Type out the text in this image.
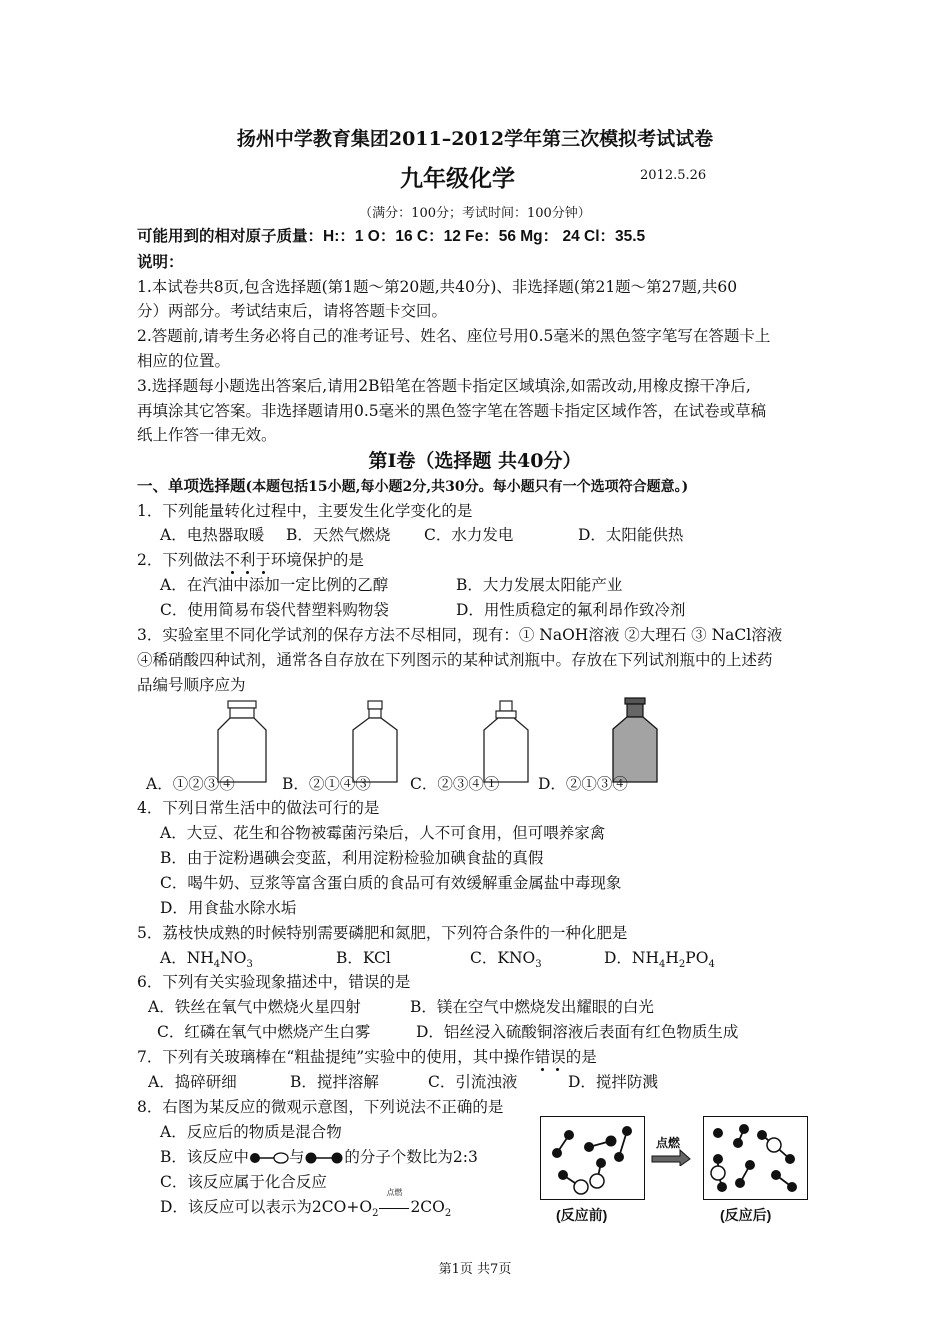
扬州中学教育集团2011–2012学年第三次模拟考试试卷
九年级化学	2012.5.26
（满分：100分；考试时间：100分钟）
可能用到的相对原子质量：H:：1 O：16 C：12 Fe：56 Mg： 24 Cl：35.5
说明：
1.本试卷共8页,包含选择题(第1题～第20题,共40分)、非选择题(第21题～第27题,共60
分）两部分。考试结束后，请将答题卡交回。
2.答题前,请考生务必将自己的准考证号、姓名、座位号用0.5毫米的黑色签字笔写在答题卡上
相应的位置。
3.选择题每小题选出答案后,请用2B铅笔在答题卡指定区域填涂,如需改动,用橡皮擦干净后,
再填涂其它答案。非选择题请用0.5毫米的黑色签字笔在答题卡指定区域作答，在试卷或草稿
纸上作答一律无效。
第I卷（选择题 共40分）
一、单项选择题(本题包括15小题,每小题2分,共30分。每小题只有一个选项符合题意。)
1．下列能量转化过程中，主要发生化学变化的是
A．电热器取暖 B．天然气燃烧 C．水力发电	D．太阳能供热
2．下列做法不利于环境保护的是
A．在汽油中添加一定比例的乙醇	B．大力发展太阳能产业
C．使用简易布袋代替塑料购物袋	D．用性质稳定的氟利昂作致冷剂
3．实验室里不同化学试剂的保存方法不尽相同，现有：① NaOH溶液 ②大理石 ③ NaCl溶液
④稀硝酸四种试剂，通常各自存放在下列图示的某种试剂瓶中。存放在下列试剂瓶中的上述药
品编号顺序应为
A．①②③④	B．②①④③	C．②③④① D．②①③④
4．下列日常生活中的做法可行的是
A．大豆、花生和谷物被霉菌污染后，人不可食用，但可喂养家禽
B．由于淀粉遇碘会变蓝，利用淀粉检验加碘食盐的真假
C．喝牛奶、豆浆等富含蛋白质的食品可有效缓解重金属盐中毒现象
D．用食盐水除水垢
5．荔枝快成熟的时候特别需要磷肥和氮肥，下列符合条件的一种化肥是
A．$NH_4NO_3$	B．KCl	C．$KNO_3$	D．$NH_4H_2PO_4$
6．下列有关实验现象描述中，错误的是
A．铁丝在氧气中燃烧火星四射	B．镁在空气中燃烧发出耀眼的白光
C．红磷在氧气中燃烧产生白雾	D．铝丝浸入硫酸铜溶液后表面有红色物质生成
7．下列有关玻璃棒在“粗盐提纯”实验中的使用，其中操作错误的是
A．捣碎研细	B．搅拌溶解	C．引流浊液	D．搅拌防溅
8．右图为某反应的微观示意图，下列说法不正确的是
A．反应后的物质是混合物
B．该反应中	与	的分子个数比为2:3
C．该反应属于化合反应
D．该反应可以表示为$2CO+O_2$
点燃
$2CO_2$
点燃
(反应前)	(反应后)
第1页 共7页
